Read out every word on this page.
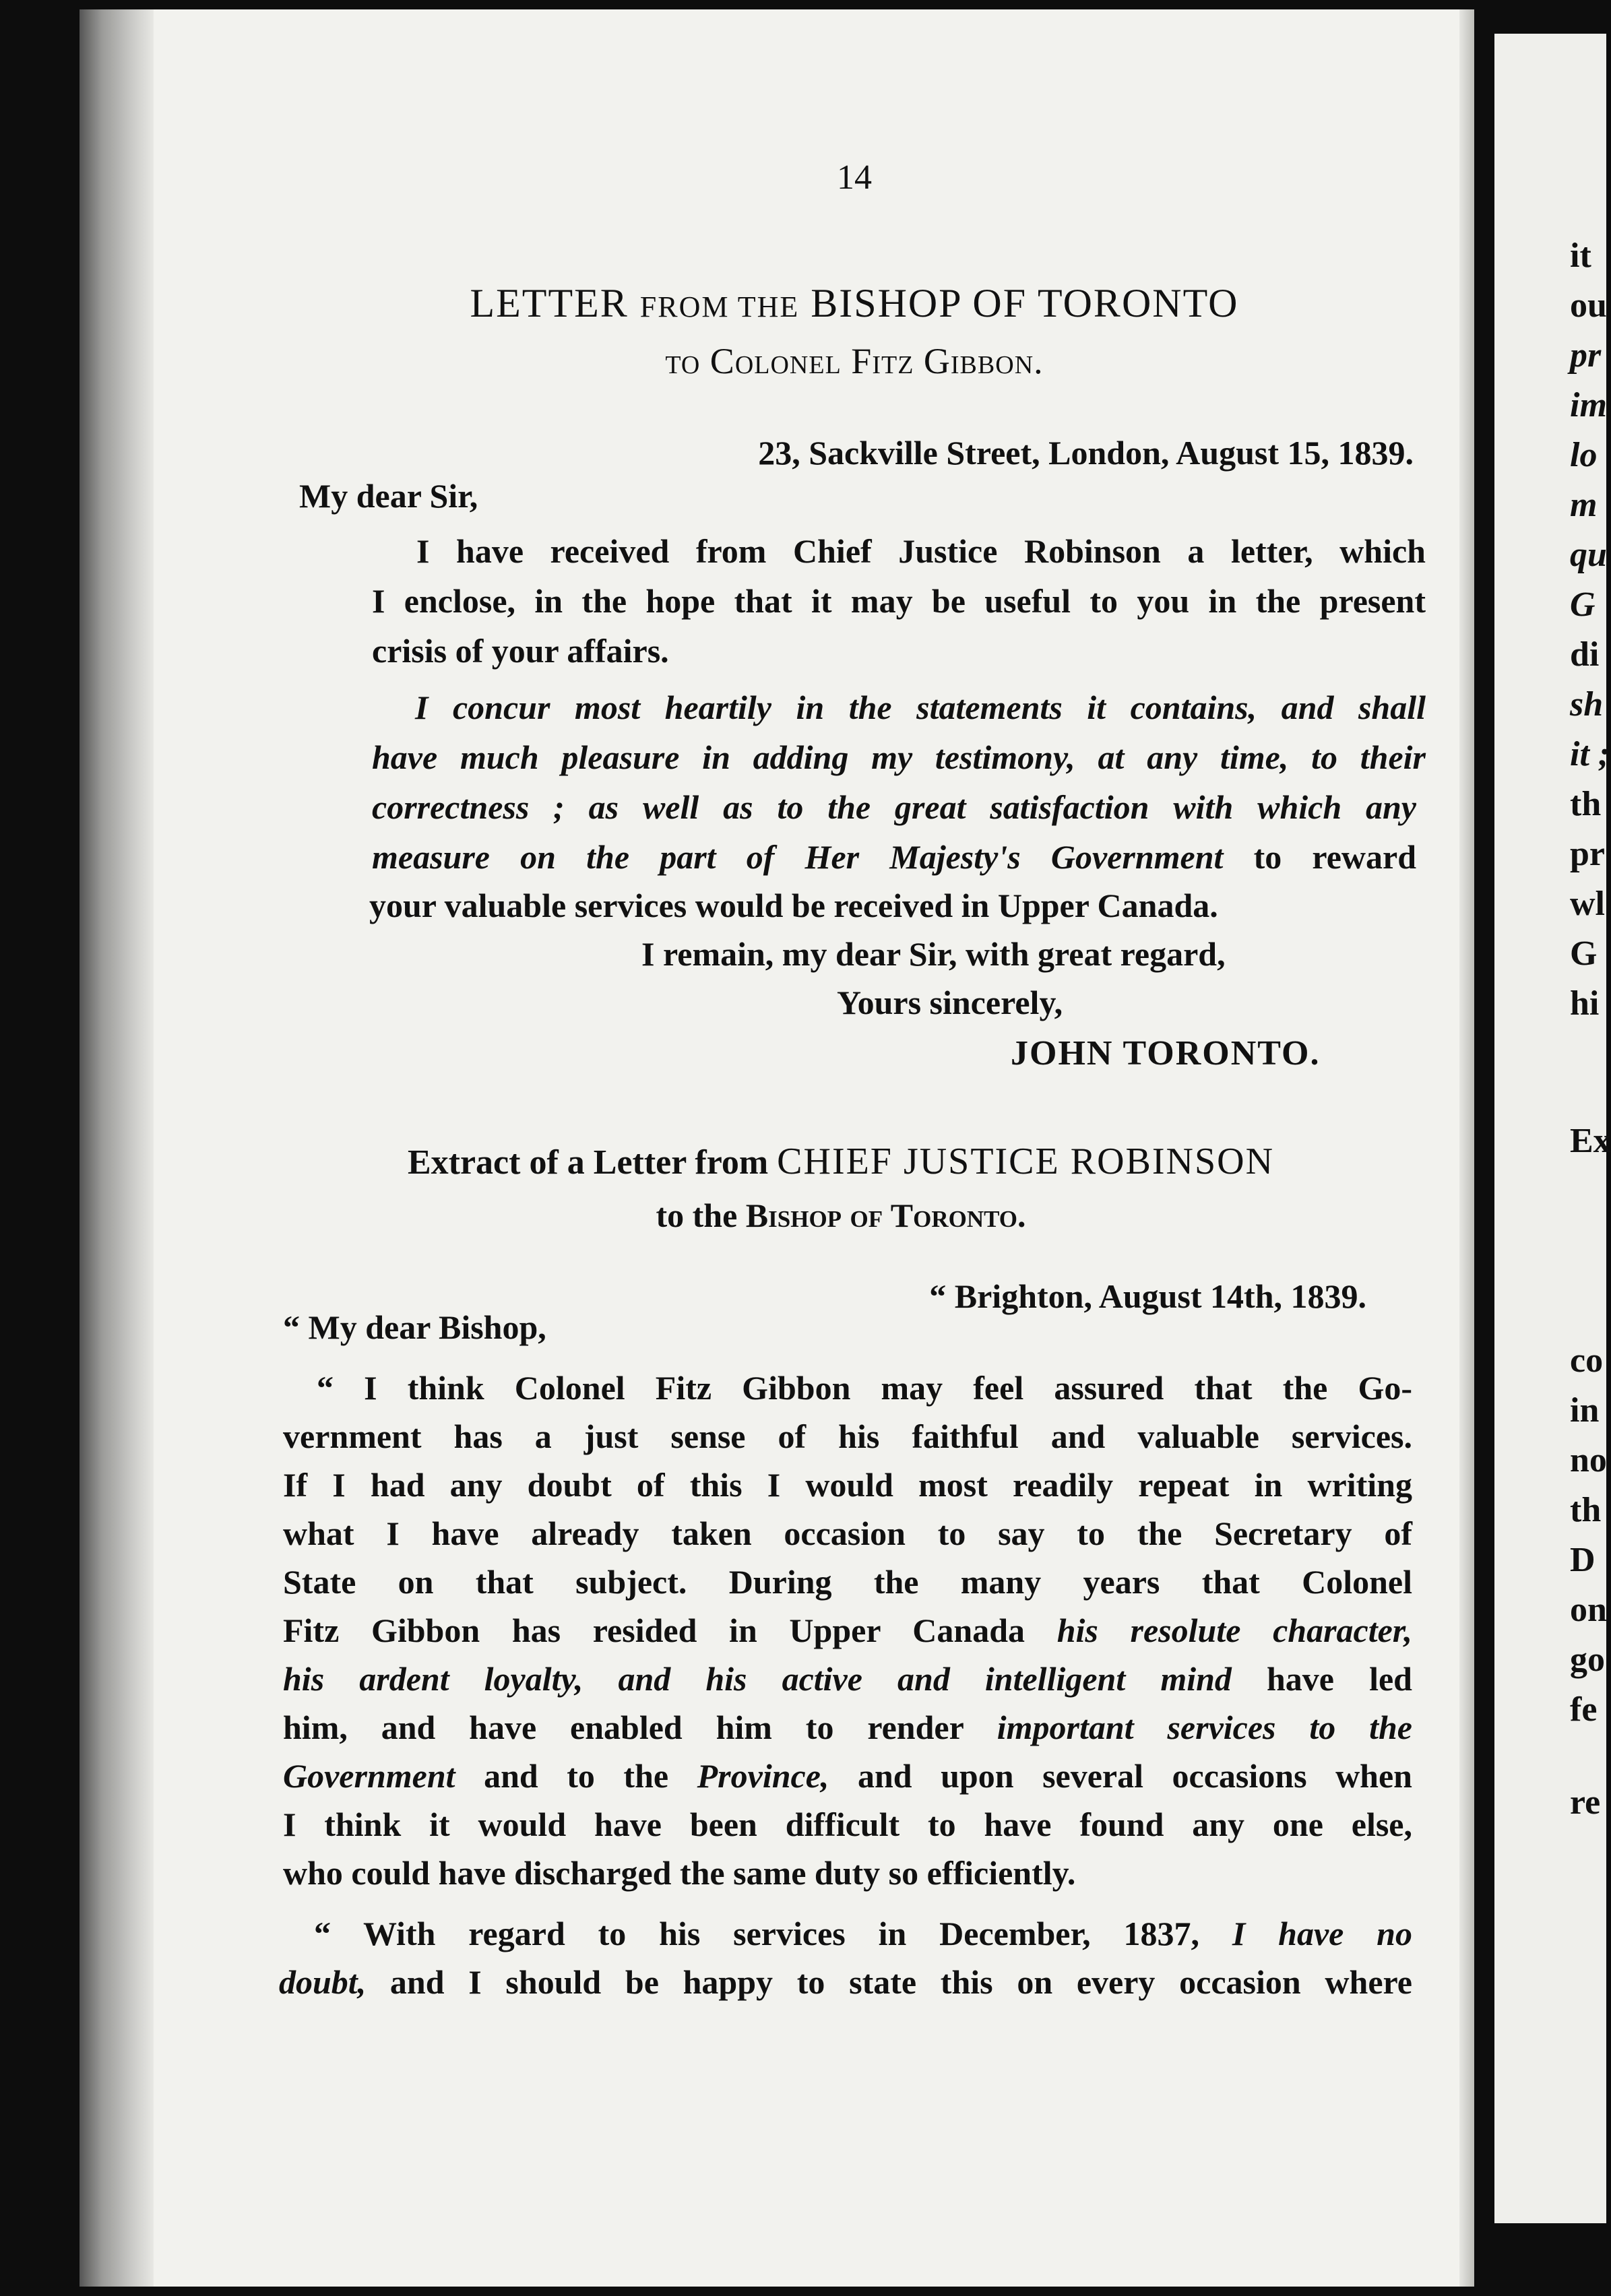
14
LETTER FROM THE BISHOP OF TORONTO
to Colonel Fitz Gibbon.
23, Sackville Street, London, August 15, 1839.
My dear Sir,
I have received from Chief Justice Robinson a letter, which
I enclose, in the hope that it may be useful to you in the present
crisis of your affairs.
I concur most heartily in the statements it contains, and shall
have much pleasure in adding my testimony, at any time, to their
correctness ; as well as to the great satisfaction with which any
measure on the part of Her Majesty's Government to reward
your valuable services would be received in Upper Canada.
I remain, my dear Sir, with great regard,
Yours sincerely,
JOHN TORONTO.
Extract of a Letter from CHIEF JUSTICE ROBINSON
to the Bishop of Toronto.
“ Brighton, August 14th, 1839.
“ My dear Bishop,
“ I think Colonel Fitz Gibbon may feel assured that the Go-
vernment has a just sense of his faithful and valuable services.
If I had any doubt of this I would most readily repeat in writing
what I have already taken occasion to say to the Secretary of
State on that subject. During the many years that Colonel
Fitz Gibbon has resided in Upper Canada his resolute character,
his ardent loyalty, and his active and intelligent mind have led
him, and have enabled him to render important services to the
Government and to the Province, and upon several occasions when
I think it would have been difficult to have found any one else,
who could have discharged the same duty so efficiently.
“ With regard to his services in December, 1837, I have no
doubt, and I should be happy to state this on every occasion where
it
ou
pr
im
lo
m
qu
G
di
sh
it ;
th
pr
wl
G
hi
Ex
co
in
no
th
D
on
go
fe
re
